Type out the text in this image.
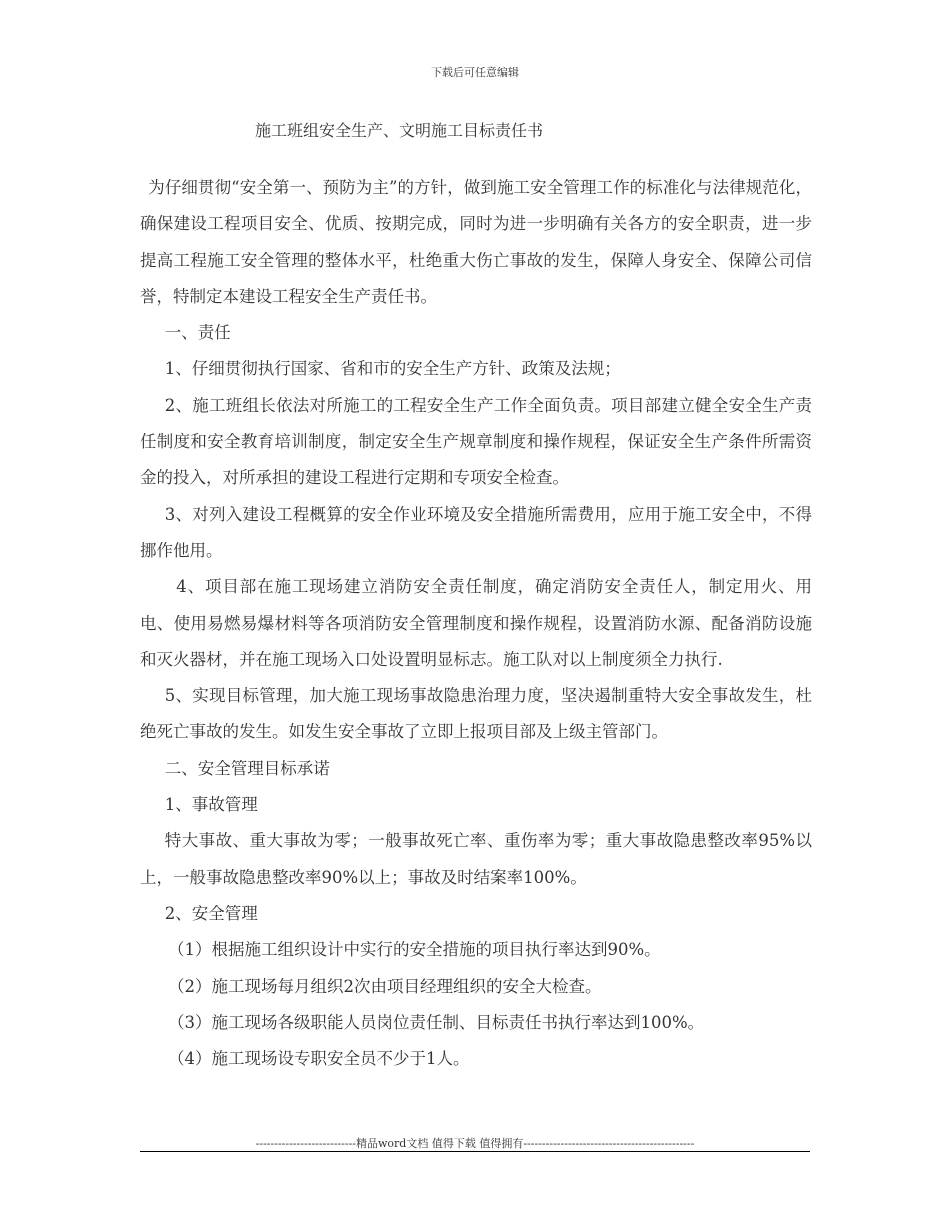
下载后可任意编辑
施工班组安全生产、文明施工目标责任书

为仔细贯彻“安全第一、预防为主”的方针，做到施工安全管理工作的标准化与法律规范化，确保建设工程项目安全、优质、按期完成，同时为进一步明确有关各方的安全职责，进一步提高工程施工安全管理的整体水平，杜绝重大伤亡事故的发生，保障人身安全、保障公司信誉，特制定本建设工程安全生产责任书。

一、责任

1、仔细贯彻执行国家、省和市的安全生产方针、政策及法规；

2、施工班组长依法对所施工的工程安全生产工作全面负责。项目部建立健全安全生产责任制度和安全教育培训制度，制定安全生产规章制度和操作规程，保证安全生产条件所需资金的投入，对所承担的建设工程进行定期和专项安全检查。

3、对列入建设工程概算的安全作业环境及安全措施所需费用，应用于施工安全中，不得挪作他用。

4、项目部在施工现场建立消防安全责任制度，确定消防安全责任人，制定用火、用电、使用易燃易爆材料等各项消防安全管理制度和操作规程，设置消防水源、配备消防设施和灭火器材，并在施工现场入口处设置明显标志。施工队对以上制度须全力执行.

5、实现目标管理，加大施工现场事故隐患治理力度，坚决遏制重特大安全事故发生，杜绝死亡事故的发生。如发生安全事故了立即上报项目部及上级主管部门。

二、安全管理目标承诺

1、事故管理

特大事故、重大事故为零；一般事故死亡率、重伤率为零；重大事故隐患整改率95%以上，一般事故隐患整改率90%以上；事故及时结案率100%。

2、安全管理

（1）根据施工组织设计中实行的安全措施的项目执行率达到90%。

（2）施工现场每月组织2次由项目经理组织的安全大检查。

（3）施工现场各级职能人员岗位责任制、目标责任书执行率达到100%。

（4）施工现场设专职安全员不少于1人。

---------------------------精品word文档 值得下载 值得拥有----------------------------------------------
